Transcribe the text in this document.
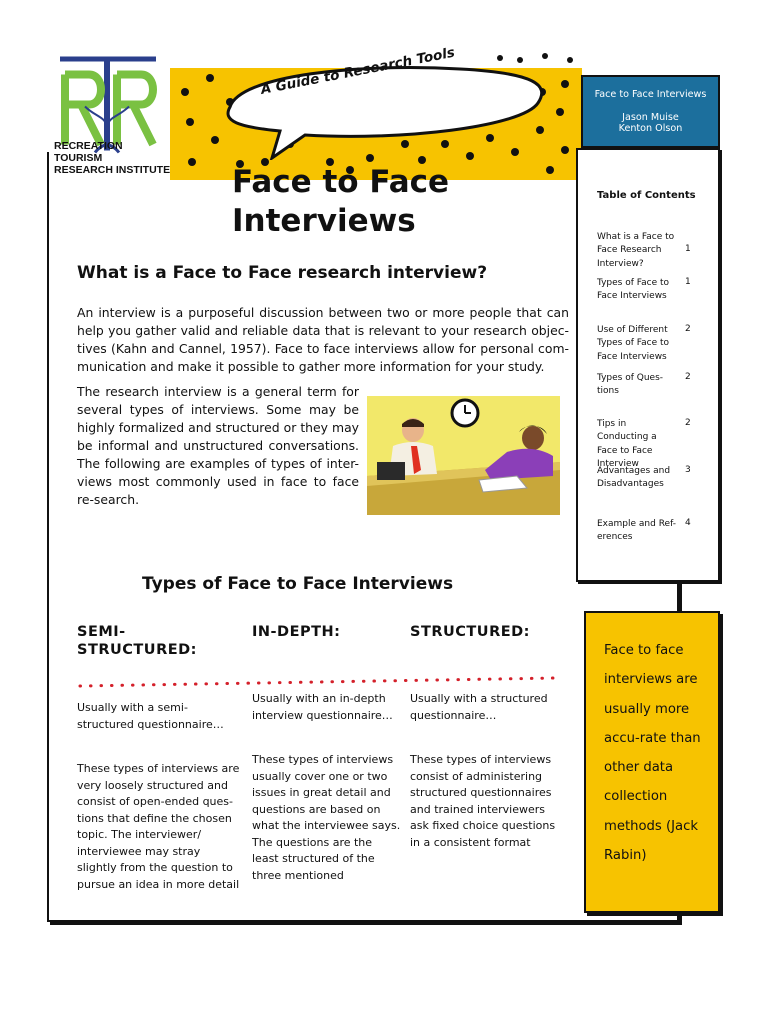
A Guide to Research Tools
RECREATION TOURISM
RESEARCH INSTITUTE Face to Face
Interviews
What is a Face to Face research interview?
An interview is a purposeful discussion between two or more people that can help you gather valid and reliable data that is relevant to your research objec-tives (Kahn and Cannel, 1957). Face to face interviews allow for personal com-munication and make it possible to gather more information for your study.
The research interview is a general term for several types of interviews. Some may be highly formalized and structured or they may be informal and unstructured conversations. The following are examples of types of inter-views most commonly used in face to face re-search.
Types of Face to Face Interviews
SEMI-STRUCTURED:
IN-DEPTH:	STRUCTURED:
Usually with a semi-structured questionnaire…
Usually with an in-depth interview questionnaire…
Usually with a structured questionnaire…
These types of interviews are very loosely structured and consist of open-ended ques-tions that define the chosen topic. The interviewer/ interviewee may stray slightly from the question to pursue an idea in more detail
These types of interviews usually cover one or two issues in great detail and questions are based on what the interviewee says. The questions are the least structured of the three mentioned
These types of interviews consist of administering structured questionnaires and trained interviewers ask fixed choice questions in a consistent format
Face to Face Interviews
Jason Muise
Kenton Olson
Table of Contents
What is a Face to Face Research Interview?
1
Types of Face to Face Interviews
1
Use of Different Types of Face to Face Interviews
2
Types of Ques-tions
2
Tips in Conducting a Face to Face Interview
2
Advantages and Disadvantages
3
Example and Ref-erences
4
Face to face interviews are usually more accu-rate than other data collection methods (Jack Rabin)
